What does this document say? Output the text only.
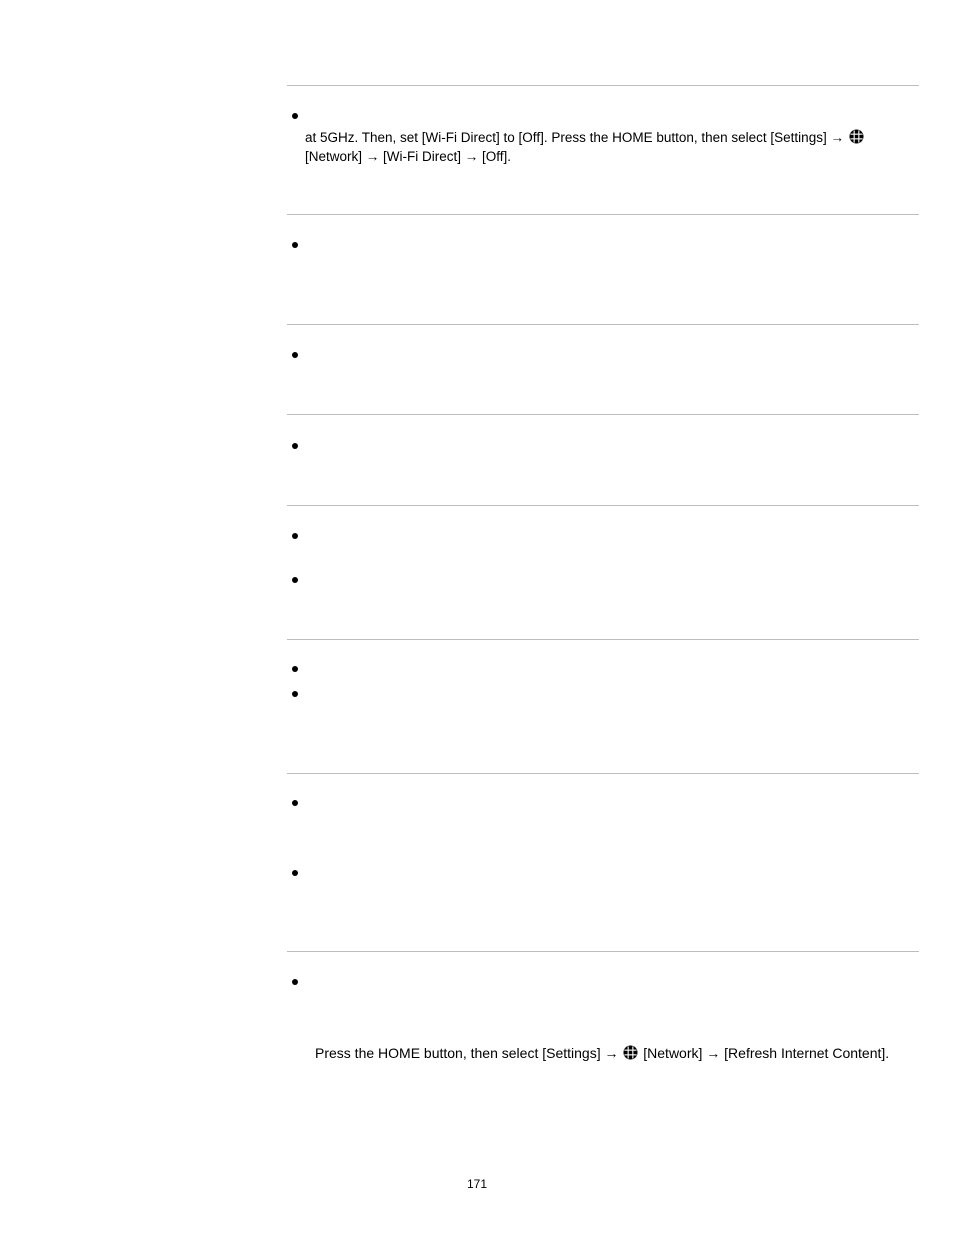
at 5GHz. Then, set [Wi-Fi Direct] to [Off]. Press the HOME button, then select [Settings] →
[Network] → [Wi-Fi Direct] → [Off].
Press the HOME button, then select [Settings] → [Network] → [Refresh Internet Content].
171
